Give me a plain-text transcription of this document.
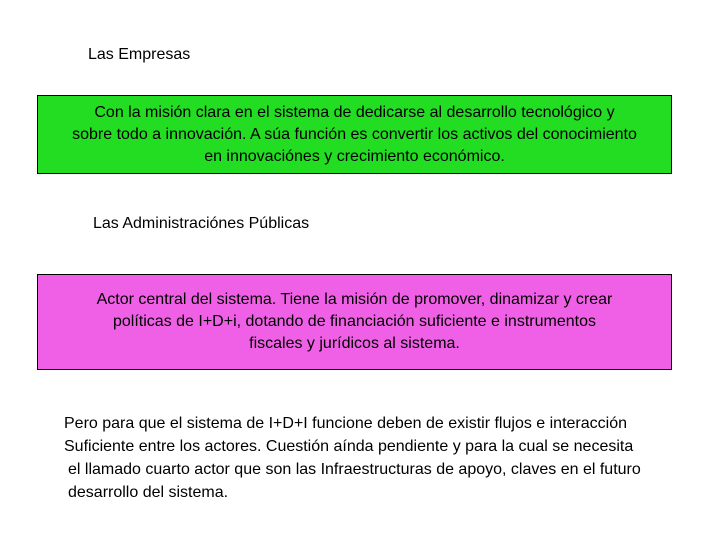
Las Empresas

Con la misión clara en el sistema de dedicarse al desarrollo tecnológico y
sobre todo a innovación. A súa función es convertir los activos del conocimiento
en innovaciónes y crecimiento económico.

Las Administraciónes Públicas

Actor central del sistema. Tiene la misión de promover, dinamizar y crear
políticas de I+D+i, dotando de financiación suficiente e instrumentos
fiscales y jurídicos al sistema.

Pero para que el sistema de I+D+I funcione deben de existir flujos e interacción
Suficiente entre los actores. Cuestión aínda pendiente y para la cual se necesita
el llamado cuarto actor que son las Infraestructuras de apoyo, claves en el futuro
desarrollo del sistema.
